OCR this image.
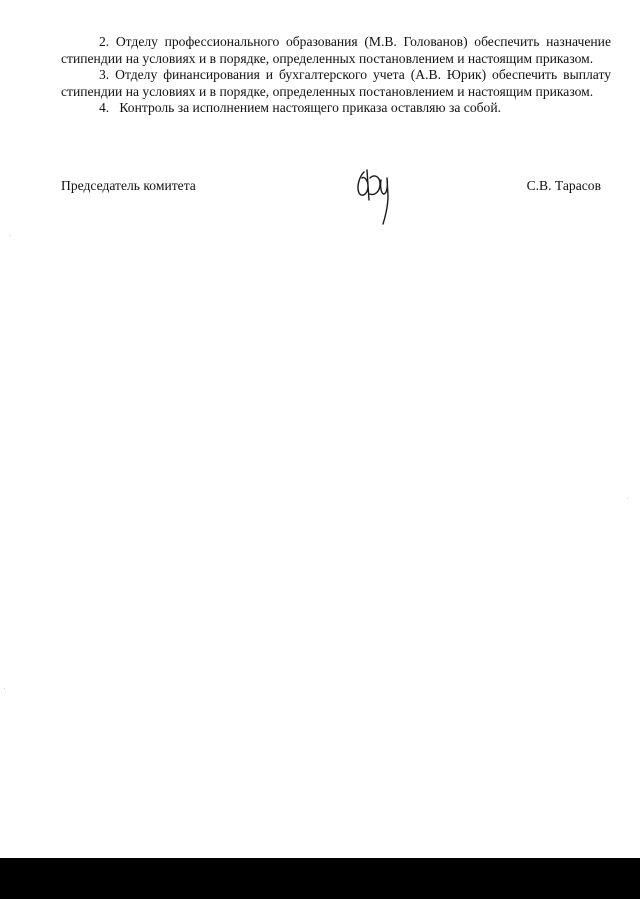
2. Отделу профессионального образования (М.В. Голованов) обеспечить назначение стипендии на условиях и в порядке, определенных постановлением и настоящим приказом.

3. Отделу финансирования и бухгалтерского учета (А.В. Юрик) обеспечить выплату стипендии на условиях и в порядке, определенных постановлением и настоящим приказом.

4.   Контроль за исполнением настоящего приказа оставляю за собой.

Председатель комитета	С.В. Тарасов
